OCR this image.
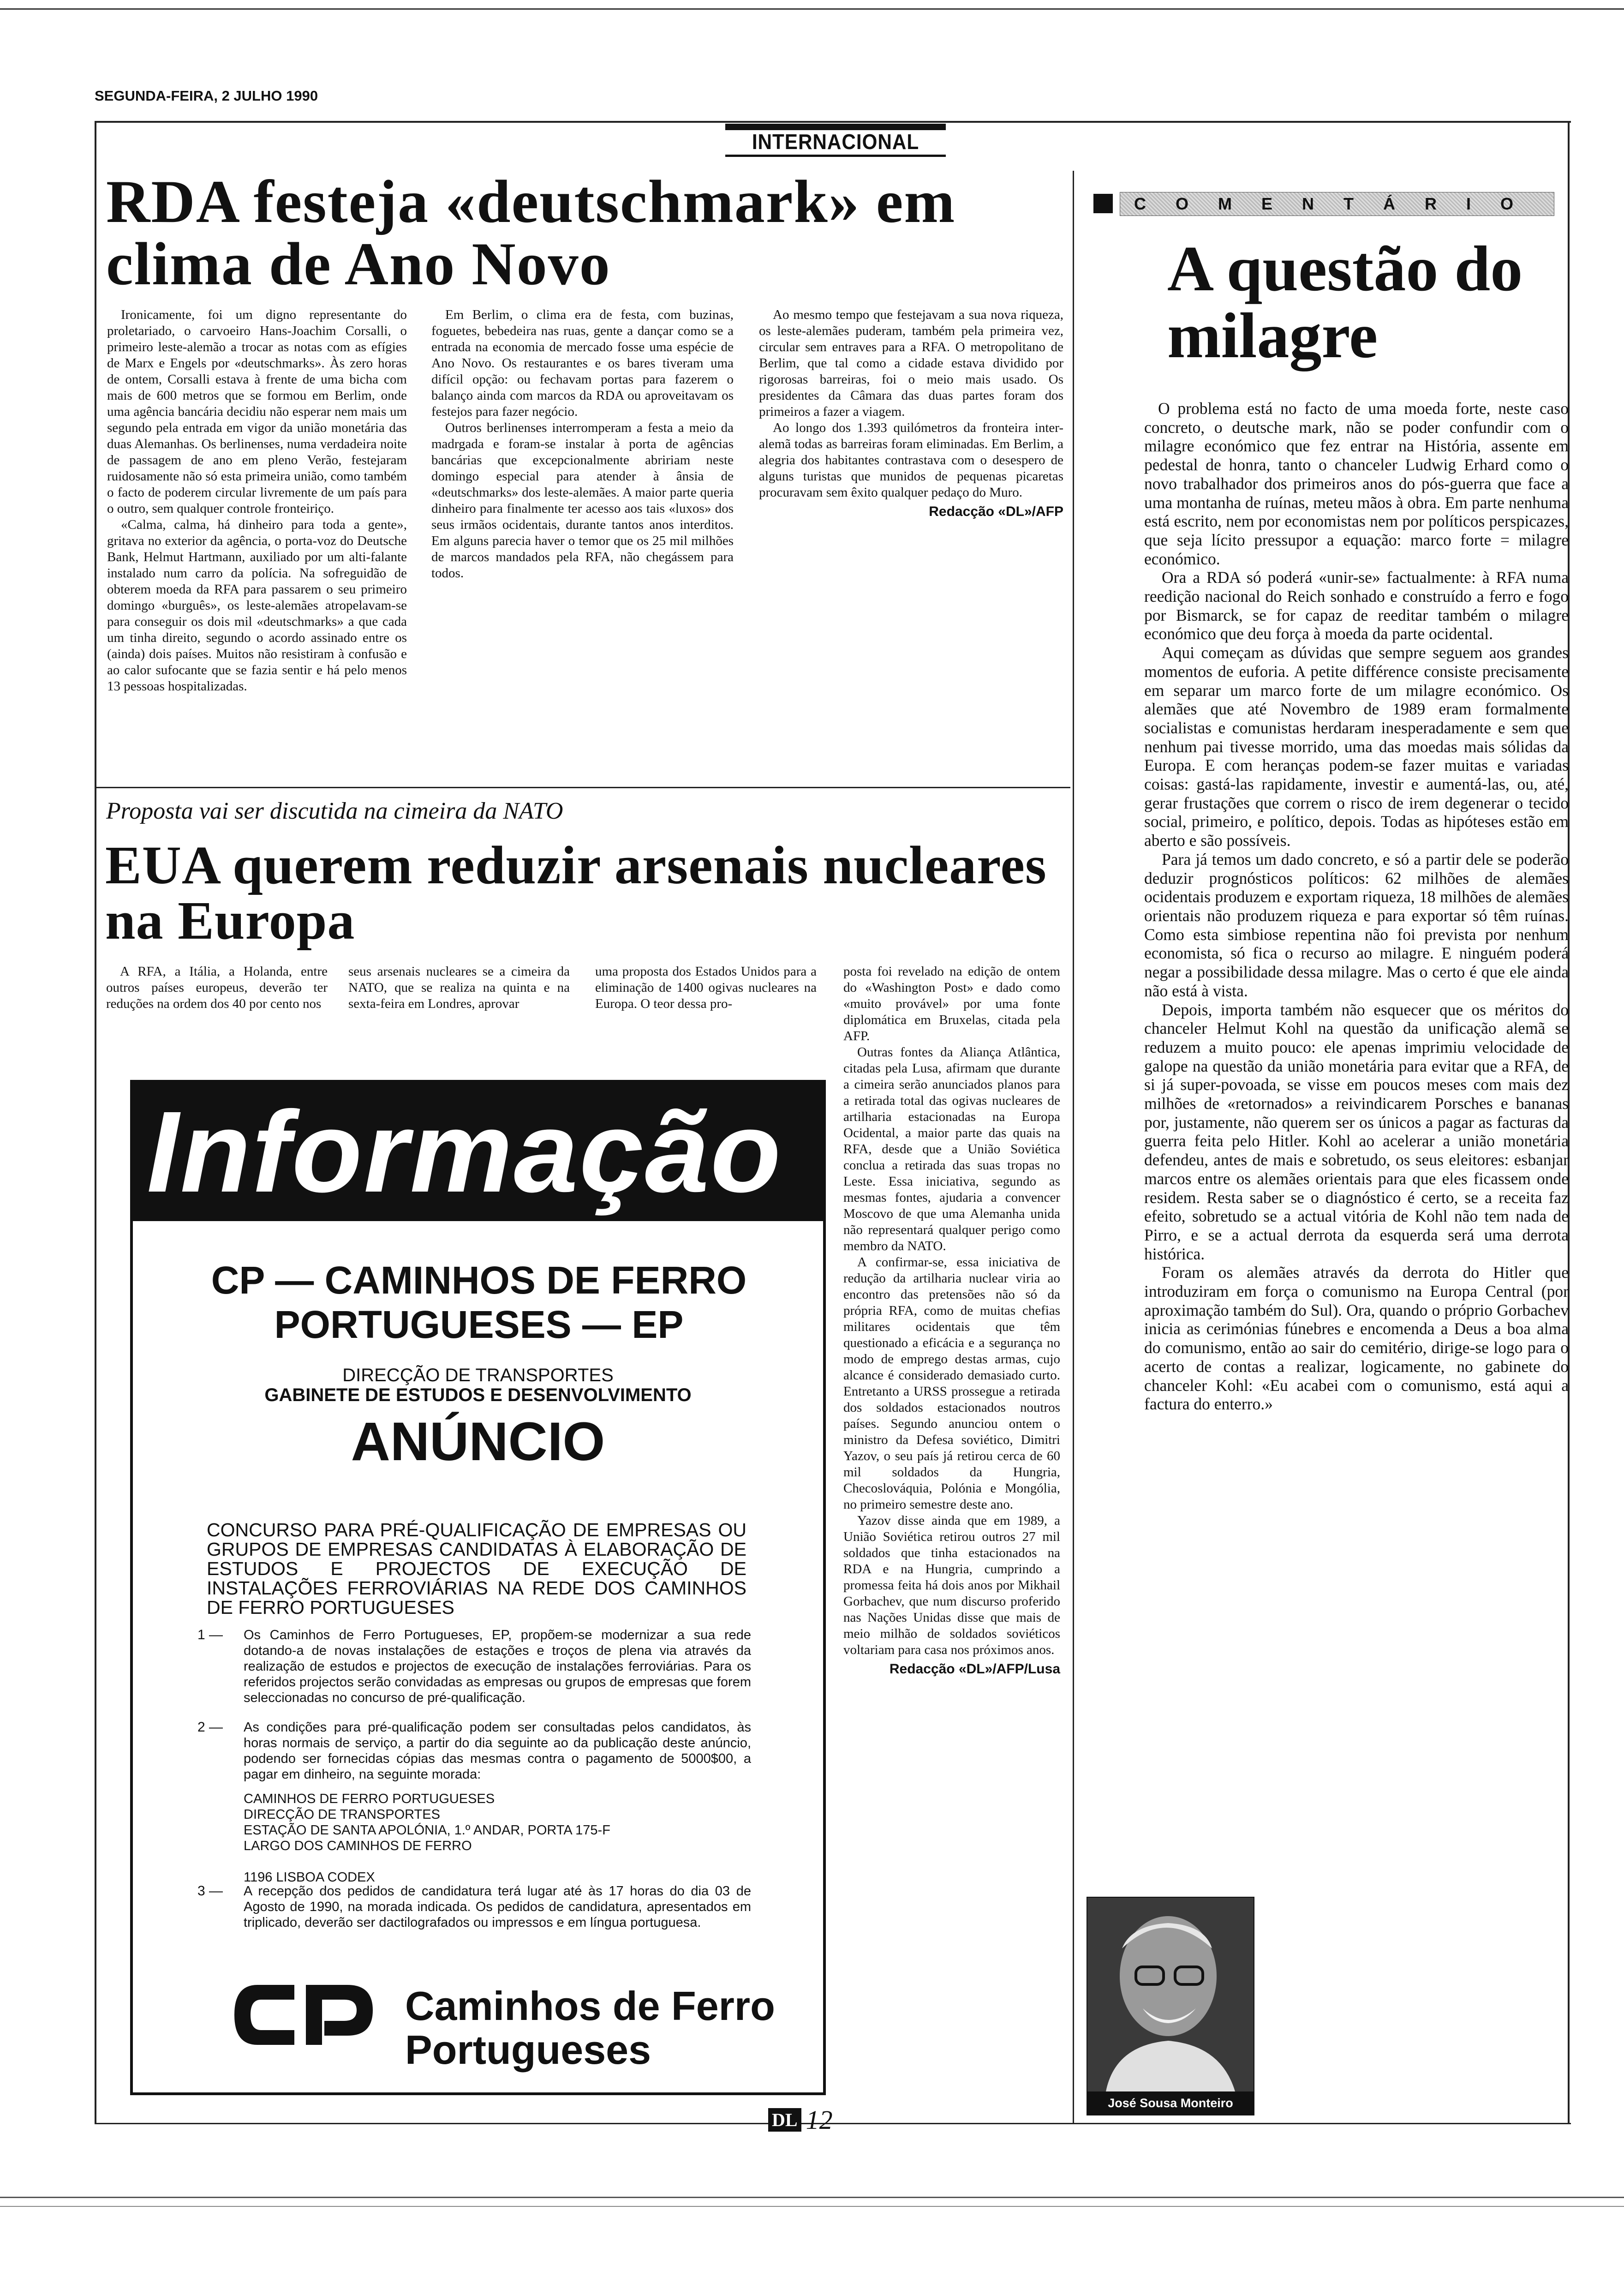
SEGUNDA-FEIRA, 2 JULHO 1990
INTERNACIONAL
RDA festeja «deutschmark» em clima de Ano Novo

Ironicamente, foi um digno representante do proletariado, o carvoeiro Hans-Joachim Corsalli, o primeiro leste-alemão a trocar as notas com as efígies de Marx e Engels por «deutschmarks». Às zero horas de ontem, Corsalli estava à frente de uma bicha com mais de 600 metros que se formou em Berlim, onde uma agência bancária decidiu não esperar nem mais um segundo pela entrada em vigor da união monetária das duas Alemanhas. Os berlinenses, numa verdadeira noite de passagem de ano em pleno Verão, festejaram ruidosamente não só esta primeira união, como também o facto de poderem circular livremente de um país para o outro, sem qualquer controle fronteiriço.

«Calma, calma, há dinheiro para toda a gente», gritava no exterior da agência, o porta-voz do Deutsche Bank, Helmut Hartmann, auxiliado por um alti-falante instalado num carro da polícia. Na sofreguidão de obterem moeda da RFA para passarem o seu primeiro domingo «burguês», os leste-alemães atropelavam-se para conseguir os dois mil «deutschmarks» a que cada um tinha direito, segundo o acordo assinado entre os (ainda) dois países. Muitos não resistiram à confusão e ao calor sufocante que se fazia sentir e há pelo menos 13 pessoas hospitalizadas.

Em Berlim, o clima era de festa, com buzinas, foguetes, bebedeira nas ruas, gente a dançar como se a entrada na economia de mercado fosse uma espécie de Ano Novo. Os restaurantes e os bares tiveram uma difícil opção: ou fechavam portas para fazerem o balanço ainda com marcos da RDA ou aproveitavam os festejos para fazer negócio.

Outros berlinenses interromperam a festa a meio da madrgada e foram-se instalar à porta de agências bancárias que excepcionalmente abririam neste domingo especial para atender à ânsia de «deutschmarks» dos leste-alemães. A maior parte queria dinheiro para finalmente ter acesso aos tais «luxos» dos seus irmãos ocidentais, durante tantos anos interditos. Em alguns parecia haver o temor que os 25 mil milhões de marcos mandados pela RFA, não chegássem para todos.

Ao mesmo tempo que festejavam a sua nova riqueza, os leste-alemães puderam, também pela primeira vez, circular sem entraves para a RFA. O metropolitano de Berlim, que tal como a cidade estava dividido por rigorosas barreiras, foi o meio mais usado. Os presidentes da Câmara das duas partes foram dos primeiros a fazer a viagem.

Ao longo dos 1.393 quilómetros da fronteira inter-alemã todas as barreiras foram eliminadas. Em Berlim, a alegria dos habitantes contrastava com o desespero de alguns turistas que munidos de pequenas picaretas procuravam sem êxito qualquer pedaço do Muro.

Redacção «DL»/AFP

Proposta vai ser discutida na cimeira da NATO
EUA querem reduzir arsenais nucleares na Europa

A RFA, a Itália, a Holanda, entre outros países europeus, deverão ter reduções na ordem dos 40 por cento nos

seus arsenais nucleares se a cimeira da NATO, que se realiza na quinta e na sexta-feira em Londres, aprovar

uma proposta dos Estados Unidos para a eliminação de 1400 ogivas nucleares na Europa. O teor dessa pro-

posta foi revelado na edição de ontem do «Washington Post» e dado como «muito provável» por uma fonte diplomática em Bruxelas, citada pela AFP.

Outras fontes da Aliança Atlântica, citadas pela Lusa, afirmam que durante a cimeira serão anunciados planos para a retirada total das ogivas nucleares de artilharia estacionadas na Europa Ocidental, a maior parte das quais na RFA, desde que a União Soviética conclua a retirada das suas tropas no Leste. Essa iniciativa, segundo as mesmas fontes, ajudaria a convencer Moscovo de que uma Alemanha unida não representará qualquer perigo como membro da NATO.

A confirmar-se, essa iniciativa de redução da artilharia nuclear viria ao encontro das pretensões não só da própria RFA, como de muitas chefias militares ocidentais que têm questionado a eficácia e a segurança no modo de emprego destas armas, cujo alcance é considerado demasiado curto. Entretanto a URSS prossegue a retirada dos soldados estacionados noutros países. Segundo anunciou ontem o ministro da Defesa soviético, Dimitri Yazov, o seu país já retirou cerca de 60 mil soldados da Hungria, Checoslováquia, Polónia e Mongólia, no primeiro semestre deste ano.

Yazov disse ainda que em 1989, a União Soviética retirou outros 27 mil soldados que tinha estacionados na RDA e na Hungria, cumprindo a promessa feita há dois anos por Mikhail Gorbachev, que num discurso proferido nas Nações Unidas disse que mais de meio milhão de soldados soviéticos voltariam para casa nos próximos anos.

Redacção «DL»/AFP/Lusa

Informação
CP — CAMINHOS DE FERRO PORTUGUESES — EP
DIRECÇÃO DE TRANSPORTES
GABINETE DE ESTUDOS E DESENVOLVIMENTO
ANÚNCIO
CONCURSO PARA PRÉ-QUALIFICAÇÃO DE EMPRESAS OU GRUPOS DE EMPRESAS CANDIDATAS À ELABORAÇÃO DE ESTUDOS E PROJECTOS DE EXECUÇÃO DE INSTALAÇÕES FERROVIÁRIAS NA REDE DOS CAMINHOS DE FERRO PORTUGUESES
1 — Os Caminhos de Ferro Portugueses, EP, propõem-se modernizar a sua rede dotando-a de novas instalações de estações e troços de plena via através da realização de estudos e projectos de execução de instalações ferroviárias. Para os referidos projectos serão convidadas as empresas ou grupos de empresas que forem seleccionadas no concurso de pré-qualificação.
2 — As condições para pré-qualificação podem ser consultadas pelos candidatos, às horas normais de serviço, a partir do dia seguinte ao da publicação deste anúncio, podendo ser fornecidas cópias das mesmas contra o pagamento de 5000$00, a pagar em dinheiro, na seguinte morada:
CAMINHOS DE FERRO PORTUGUESES
DIRECÇÃO DE TRANSPORTES
ESTAÇÃO DE SANTA APOLÓNIA, 1.º ANDAR, PORTA 175-F
LARGO DOS CAMINHOS DE FERRO
1196 LISBOA CODEX
3 — A recepção dos pedidos de candidatura terá lugar até às 17 horas do dia 03 de Agosto de 1990, na morada indicada. Os pedidos de candidatura, apresentados em triplicado, deverão ser dactilografados ou impressos e em língua portuguesa.
Caminhos de Ferro
Portugueses
COMENTÁRIO
A questão do milagre

O problema está no facto de uma moeda forte, neste caso concreto, o deutsche mark, não se poder confundir com o milagre económico que fez entrar na História, assente em pedestal de honra, tanto o chanceler Ludwig Erhard como o novo trabalhador dos primeiros anos do pós-guerra que face a uma montanha de ruínas, meteu mãos à obra. Em parte nenhuma está escrito, nem por economistas nem por políticos perspicazes, que seja lícito pressupor a equação: marco forte = milagre económico.

Ora a RDA só poderá «unir-se» factualmente: à RFA numa reedição nacional do Reich sonhado e construído a ferro e fogo por Bismarck, se for capaz de reeditar também o milagre económico que deu força à moeda da parte ocidental.

Aqui começam as dúvidas que sempre seguem aos grandes momentos de euforia. A petite différence consiste precisamente em separar um marco forte de um milagre económico. Os alemães que até Novembro de 1989 eram formalmente socialistas e comunistas herdaram inesperadamente e sem que nenhum pai tivesse morrido, uma das moedas mais sólidas da Europa. E com heranças podem-se fazer muitas e variadas coisas: gastá-las rapidamente, investir e aumentá-las, ou, até, gerar frustações que correm o risco de irem degenerar o tecido social, primeiro, e político, depois. Todas as hipóteses estão em aberto e são possíveis.

Para já temos um dado concreto, e só a partir dele se poderão deduzir prognósticos políticos: 62 milhões de alemães ocidentais produzem e exportam riqueza, 18 milhões de alemães orientais não produzem riqueza e para exportar só têm ruínas. Como esta simbiose repentina não foi prevista por nenhum economista, só fica o recurso ao milagre. E ninguém poderá negar a possibilidade dessa milagre. Mas o certo é que ele ainda não está à vista.

Depois, importa também não esquecer que os méritos do chanceler Helmut Kohl na questão da unificação alemã se reduzem a muito pouco: ele apenas imprimiu velocidade de galope na questão da união monetária para evitar que a RFA, de si já super-povoada, se visse em poucos meses com mais dez milhões de «retornados» a reivindicarem Porsches e bananas por, justamente, não querem ser os únicos a pagar as facturas da guerra feita pelo Hitler. Kohl ao acelerar a união monetária defendeu, antes de mais e sobretudo, os seus eleitores: esbanjar marcos entre os alemães orientais para que eles ficassem onde residem. Resta saber se o diagnóstico é certo, se a receita faz efeito, sobretudo se a actual vitória de Kohl não tem nada de Pirro, e se a actual derrota da esquerda será uma derrota histórica.

Foram os alemães através da derrota do Hitler que introduziram em força o comunismo na Europa Central (por aproximação também do Sul). Ora, quando o próprio Gorbachev inicia as cerimónias fúnebres e encomenda a Deus a boa alma do comunismo, então ao sair do cemitério, dirige-se logo para o acerto de contas a realizar, logicamente, no gabinete do chanceler Kohl: «Eu acabei com o comunismo, está aqui a factura do enterro.»

José Sousa Monteiro
DL 12
